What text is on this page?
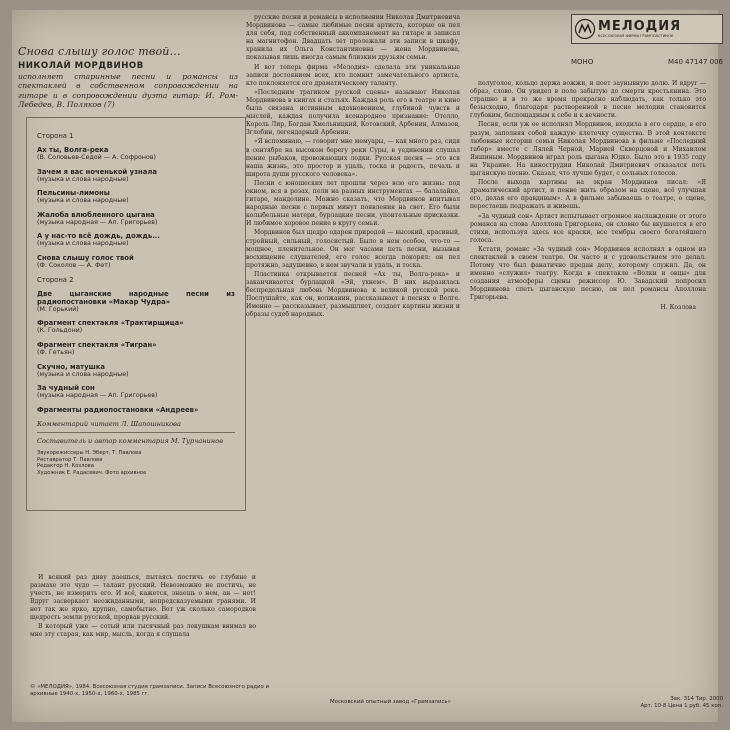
Снова слышу голос твой...
НИКОЛАЙ МОРДВИНОВ
исполняет старинные песни и романсы из спектаклей в собственном сопровождении на гитаре и в сопровождении дуэта гитар: И. Ром-Лебедев, В. Поляков (7)
Сторона 1
Ах ты, Волга-река
(В. Соловьев-Седой — А. Софронов)
Зачем я вас ноченькой узнала
(музыка и слова народные)
Пельсины-лимоны
(музыка и слова народные)
Жалоба влюбленного цыгана
(музыка народная — Ап. Григорьев)
А у нас-то всё дождь, дождь...
(музыка и слова народные)
Снова слышу голос твой
(Ф. Соколов — А. Фет)
Сторона 2
Две цыганские народные песни из радиопостановки «Макар Чудра»
(М. Горький)
Фрагмент спектакля «Трактирщица»
(К. Гольдони)
Фрагмент спектакля «Тигран»
(Ф. Гетьян)
Скучно, матушка
(музыка и слова народные)
За чудный сон
(музыка народная — Ап. Григорьев)
Фрагменты радиопостановки «Андреев»
Комментарий читает Л. Шапошникова
Составитель и автор комментария М. Турчанинов
Звукорежиссеры Н. Эберт, Т. Павлова
Реставратор Т. Павлова
Редактор Н. Козлова
Художник Е. Радасевич. Фото архивное

И всякий раз диву даешься, пытаясь постичь ее глубине и размахе это чудо — талант русский. Невозможно не постичь, не учесть, не измерить его. И всё, кажется, знаешь о нем, ан — нет! Вдруг засверкает неожиданными, непредсказуемыми гранями. И нет так же ярко, крупно, самобытно. Вот уж сколько самородков щедрость земли русской, прорвав русский.

В который уже — сотый или тысячный раз лекушкам внимал во мне эту старая, как мир, мысль, когда я слушала

русские песни и романсы в исполнении Николая Дмитриевича Мордвинова — самые любимые песни артиста, которые он пел для себя, под собственный аккомпанемент на гитаре и записал на магнитофон. Двадцать лет пролежали эти записи в шкафу, хранила их Ольга Константиновна — жена Мордвинова, показывая лишь иногда самым близким друзьям семьи.

И вот теперь фирма «Мелодия» сделала эти уникальные записи достоянием всех, кто помнит замечательного артиста, кто поклоняется его драматическому таланту.

«Последним трагиком русской сцены» называют Николая Мордвинова в книгах и статьях. Каждая роль его в театре и кино была связана истинным вдохновением, глубиной чувств и мыслей, каждая получила всенародное признание: Отелло, Король Лир, Богдан Хмельницкий, Котовский, Арбенин, Алмазов, Зглобин, легендарный Арбенин.

«Я вспоминаю, — говорит мне мемуары, — как много раз, сидя в сентябре на высоком берегу реки Суры, в уединении слушал пение рыбаков, провожающих лодки. Русская песня — это вся наша жизнь, это простор и удаль, тоска и радость, печаль и широта души русского человека».

Песни с юношеских лет прошли через всю его жизнь: под окном, вся в розах, пели на разных инструментах — балалайке, гитаре, мандолине. Можно сказать, что Мордвинов впитывал народные песни с первых минут появления на свет. Его были колыбельные матери, бурлацкие песни, упоительные присказки. И любимое хоровое пение в кругу семьи.

Мордвинов был щедро одарен природой — высокий, красивый, стройный, сильный, голосистый. Было в нем особое, что-то — мощное, пленительное. Он мог часами петь песни, вызывая восхищение слушателей, его голос всегда покорял: он пел протяжно, задушевно, в нем звучали и удаль, и тоска.

Пластинка открывается песней «Ах ты, Волга-река» и заканчивается бурлацкой «Эй, ухнем». В них выразилась беспредельная любовь Мордвинова к великой русской реке. Послушайте, как он, волжанин, рассказывает в песнях о Волге. Именно — рассказывает, размышляет, создает картины жизни и образы судеб народных.

МЕЛОДИЯ
ВСЕСОЮЗНАЯ ФИРМА ГРАМПЛАСТИНОК
МОНО	М40 47147 006

полуголое, кольцо держа вожжи, и поет заунывную долю. И вдруг — образ, слово. Он увидел в поле забытую до смерти крестьянина. Это страшно и в то же время прекрасно наблюдать, как только это безысходно, благодаря растворенной в песне мелодии становится глубоким, беспощадным к себе и к вечности.

Песня, если уж ее исполнял Мордвинов, входила в его сердце, в его разум, заполняя собой каждую клеточку существа. В этой контексте любовные истории семьи Николая Мордвинова в фильме «Последний табор» вместе с Лялей Черной, Марией Скворцовой и Михаилом Яншиным. Мордвинов играл роль цыгана Юдко. Было это в 1935 году на Украине. На кинострудии Николай Дмитриевич отказался петь цыганскую песню. Сказал, что лучше будет, с сольных голосов.

После выхода картины на экран Мордвинов писал: «Я драматический артист, и пение жить образом на сцене, всё улучшая его, делая его правдивым». А в фильме забываешь о театре, о сцене, перестаешь подражать и живешь.

«За чудный сон» Артист испытывает огромное наслаждение от этого романса на слова Аполлона Григорьева, он словно бы вкушается в его стихи, используя здесь все краски, все тембры своего богатейшего голоса.

Кстати, романс «За чудный сон» Мордвинов исполнял в одном из спектаклей в своем театре. Он часто и с удовольствием это делал. Потому что был фанатично предан делу, которому служил. Да, он именно «служил» театру. Когда в спектакле «Волки и овцы» для создания атмосферы сцены режиссер Ю. Завадский попросил Мордвинова спеть цыганскую песню, он пел романсы Аполлона Григорьева.

Н. Козлова
© «МЕЛОДИЯ», 1984. Всесоюзная студия грамзаписи. Записи Всесоюзного радио и архивные 1940-х, 1950-х, 1960-х, 1985 гг.
Московский опытный завод «Грамзапись»	Зак. 314 Тир. 2000
Арт. 10-8 Цена 1 руб. 45 коп.
